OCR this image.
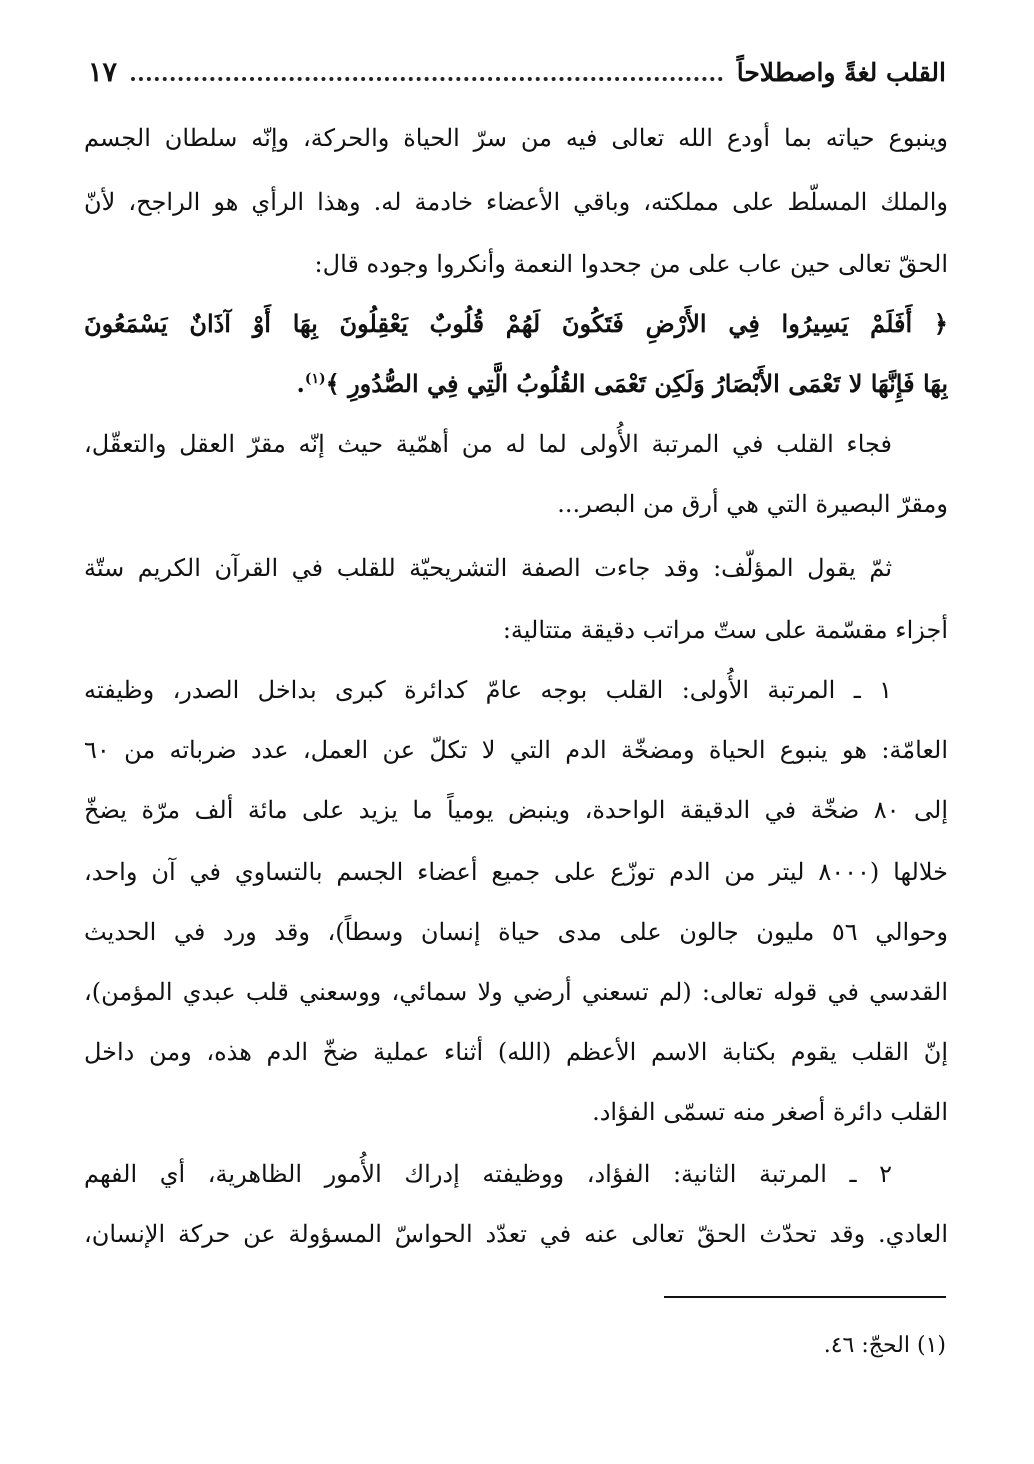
القلب لغةً واصطلاحاً
١٧
وينبوع حياته بما أودع الله تعالى فيه من سرّ الحياة والحركة، وإنّه سلطان الجسم
والملك المسلّط على مملكته، وباقي الأعضاء خادمة له. وهذا الرأي هو الراجح، لأنّ
الحقّ تعالى حين عاب على من جحدوا النعمة وأنكروا وجوده قال:
﴿ أَفَلَمْ يَسِيرُوا فِي الأَرْضِ فَتَكُونَ لَهُمْ قُلُوبٌ يَعْقِلُونَ بِهَا أَوْ آذَانٌ يَسْمَعُونَ
بِهَا فَإِنَّهَا لا تَعْمَى الأَبْصَارُ وَلَكِن تَعْمَى القُلُوبُ الَّتِي فِي الصُّدُورِ ﴾$^{(١)}$.
فجاء القلب في المرتبة الأُولى لما له من أهمّية حيث إنّه مقرّ العقل والتعقّل،
ومقرّ البصيرة التي هي أرق من البصر...
ثمّ يقول المؤلّف: وقد جاءت الصفة التشريحيّة للقلب في القرآن الكريم ستّة
أجزاء مقسّمة على ستّ مراتب دقيقة متتالية:
١ ـ المرتبة الأُولى: القلب بوجه عامّ كدائرة كبرى بداخل الصدر، وظيفته
العامّة: هو ينبوع الحياة ومضخّة الدم التي لا تكلّ عن العمل، عدد ضرباته من ٦٠
إلى ٨٠ ضخّة في الدقيقة الواحدة، وينبض يومياً ما يزيد على مائة ألف مرّة يضخّ
خلالها (٨٠٠٠ ليتر من الدم توزّع على جميع أعضاء الجسم بالتساوي في آن واحد،
وحوالي ٥٦ مليون جالون على مدى حياة إنسان وسطاً)، وقد ورد في الحديث
القدسي في قوله تعالى: (لم تسعني أرضي ولا سمائي، ووسعني قلب عبدي المؤمن)،
إنّ القلب يقوم بكتابة الاسم الأعظم (الله) أثناء عملية ضخّ الدم هذه، ومن داخل
القلب دائرة أصغر منه تسمّى الفؤاد.
٢ ـ المرتبة الثانية: الفؤاد، ووظيفته إدراك الأُمور الظاهرية، أي الفهم
العادي. وقد تحدّث الحقّ تعالى عنه في تعدّد الحواسّ المسؤولة عن حركة الإنسان،
(١) الحجّ: ٤٦.
